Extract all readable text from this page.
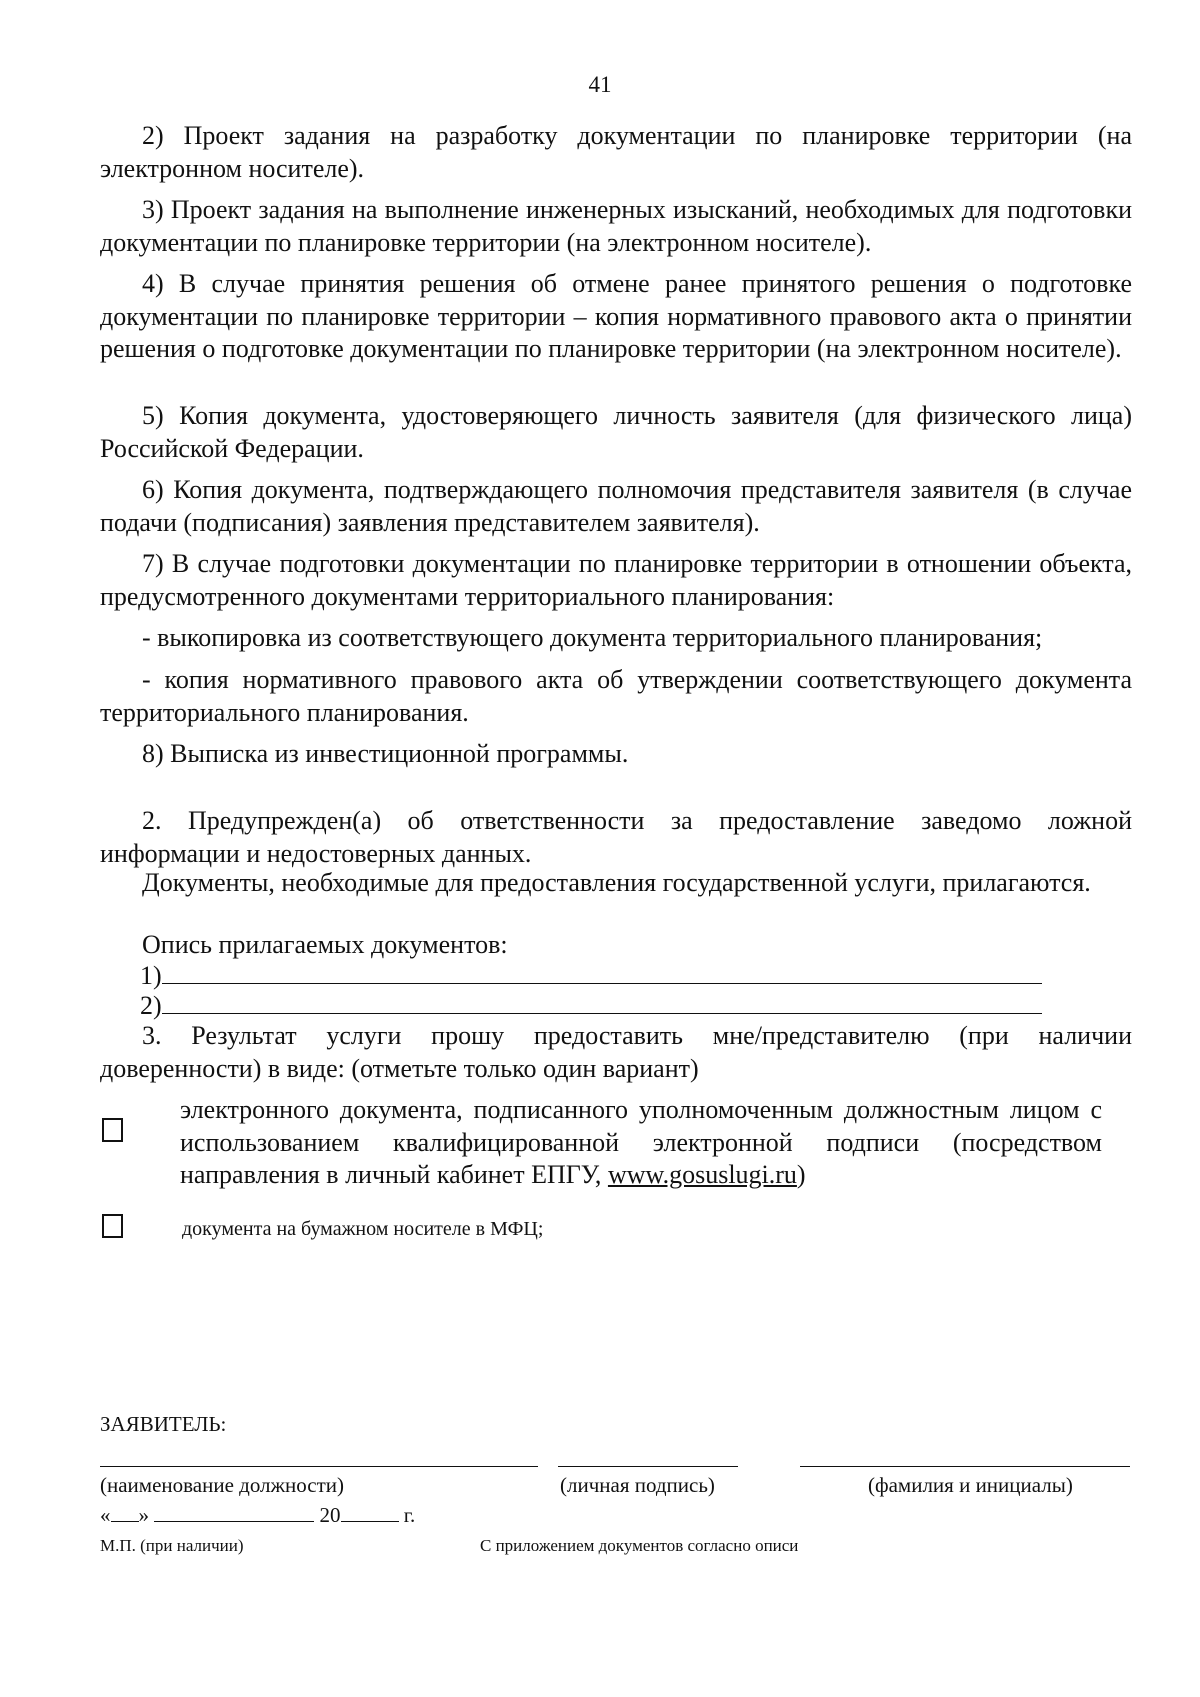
41

2) Проект задания на разработку документации по планировке территории (на электронном носителе).

3) Проект задания на выполнение инженерных изысканий, необходимых для подготовки документации по планировке территории (на электронном носителе).

4) В случае принятия решения об отмене ранее принятого решения о подготовке документации по планировке территории – копия нормативного правового акта о принятии решения о подготовке документации по планировке территории (на электронном носителе).

5) Копия документа, удостоверяющего личность заявителя (для физического лица) Российской Федерации.

6) Копия документа, подтверждающего полномочия представителя заявителя (в случае подачи (подписания) заявления представителем заявителя).

7) В случае подготовки документации по планировке территории в отношении объекта, предусмотренного документами территориального планирования:

- выкопировка из соответствующего документа территориального планирования;

- копия нормативного правового акта об утверждении соответствующего документа территориального планирования.

8) Выписка из инвестиционной программы.

2. Предупрежден(а) об ответственности за предоставление заведомо ложной информации и недостоверных данных.

Документы, необходимые для предоставления государственной услуги, прилагаются.

Опись прилагаемых документов:

1)
2)

3. Результат услуги прошу предоставить мне/представителю (при наличии доверенности) в виде: (отметьте только один вариант)

электронного документа, подписанного уполномоченным должностным лицом с использованием квалифицированной электронной подписи (посредством направления в личный кабинет ЕПГУ, www.gosuslugi.ru)

документа на бумажном носителе в МФЦ;
ЗАЯВИТЕЛЬ:
(наименование должности)	(личная подпись)	(фамилия и инициалы)
« »	20	г.
М.П. (при наличии)	С приложением документов согласно описи
